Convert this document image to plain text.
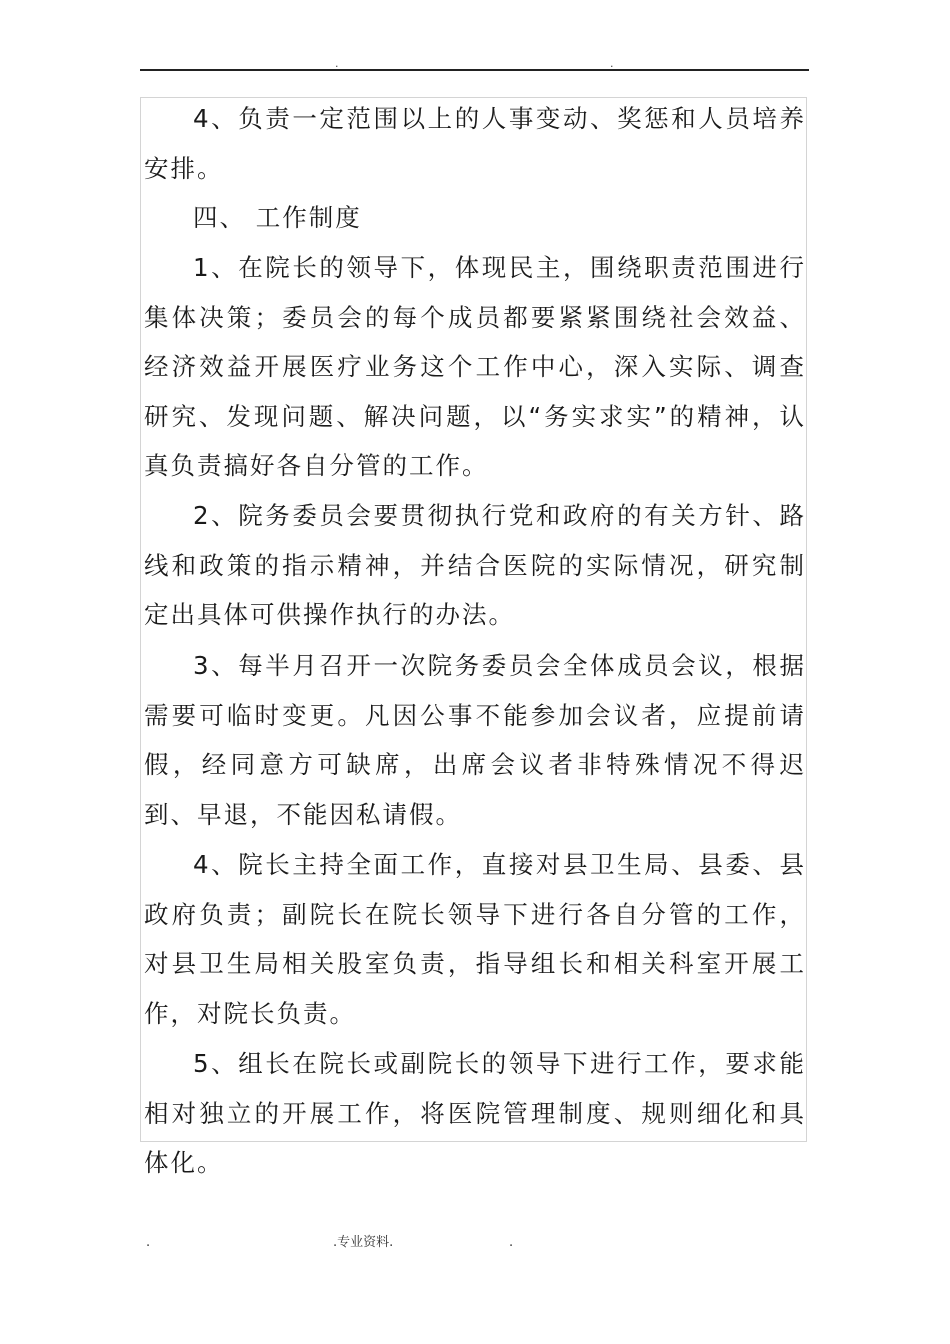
.	.

4、负责一定范围以上的人事变动、奖惩和人员培养安排。

四、 工作制度

1、在院长的领导下，体现民主，围绕职责范围进行集体决策；委员会的每个成员都要紧紧围绕社会效益、经济效益开展医疗业务这个工作中心，深入实际、调查研究、发现问题、解决问题，以“务实求实”的精神，认真负责搞好各自分管的工作。

2、院务委员会要贯彻执行党和政府的有关方针、路线和政策的指示精神，并结合医院的实际情况，研究制定出具体可供操作执行的办法。

3、每半月召开一次院务委员会全体成员会议，根据需要可临时变更。凡因公事不能参加会议者，应提前请假，经同意方可缺席，出席会议者非特殊情况不得迟到、早退，不能因私请假。

4、院长主持全面工作，直接对县卫生局、县委、县政府负责；副院长在院长领导下进行各自分管的工作，对县卫生局相关股室负责，指导组长和相关科室开展工作，对院长负责。

5、组长在院长或副院长的领导下进行工作，要求能相对独立的开展工作，将医院管理制度、规则细化和具体化。

.	.专业资料.	.
